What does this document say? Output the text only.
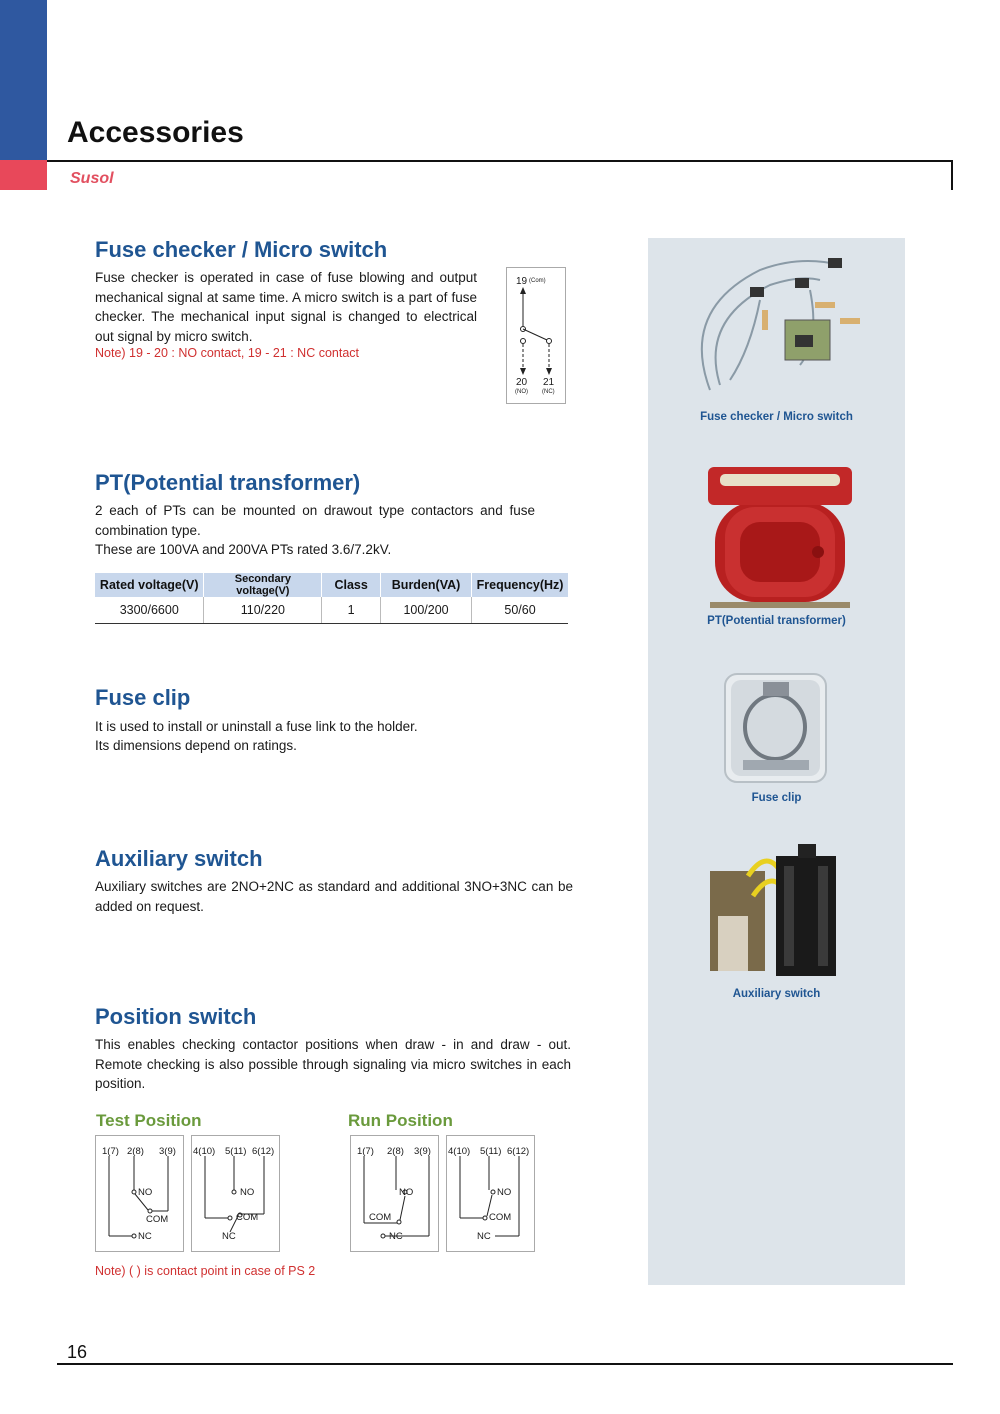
Accessories
Susol
Fuse checker / Micro switch
Fuse checker is operated in case of fuse blowing and output mechanical signal at same time. A micro switch is a part of fuse checker. The mechanical input signal is changed to electrical out signal by micro switch.
Note) 19 - 20 : NO contact, 19 - 21 : NC contact
19 (Com)
20 21
(NO) (NC)
Fuse checker / Micro switch
PT(Potential transformer)
2 each of PTs can be mounted on drawout type contactors and fuse combination type.
These are 100VA and 200VA PTs rated 3.6/7.2kV.
Rated voltage(V)	Secondary voltage(V)	Class	Burden(VA)	Frequency(Hz)
3300/6600	110/220	1	100/200	50/60
PT(Potential transformer)
Fuse clip
It is used to install or uninstall a fuse link to the holder.
Its dimensions depend on ratings.
Fuse clip
Auxiliary switch
Auxiliary switches are 2NO+2NC as standard and additional 3NO+3NC can be added on request.
Auxiliary switch
Position switch
This enables checking contactor positions when draw - in and draw - out. Remote checking is also possible through signaling via micro switches in each position.
Test Position	Run Position
1(7) 2(8) 3(9)
NO
COM
NC
4(10) 5(11) 6(12)
NO
COM
NC
1(7) 2(8) 3(9)
NO
COM
NC
4(10) 5(11) 6(12)
NO
COM
NC
Note) ( ) is contact point in case of PS 2
16
